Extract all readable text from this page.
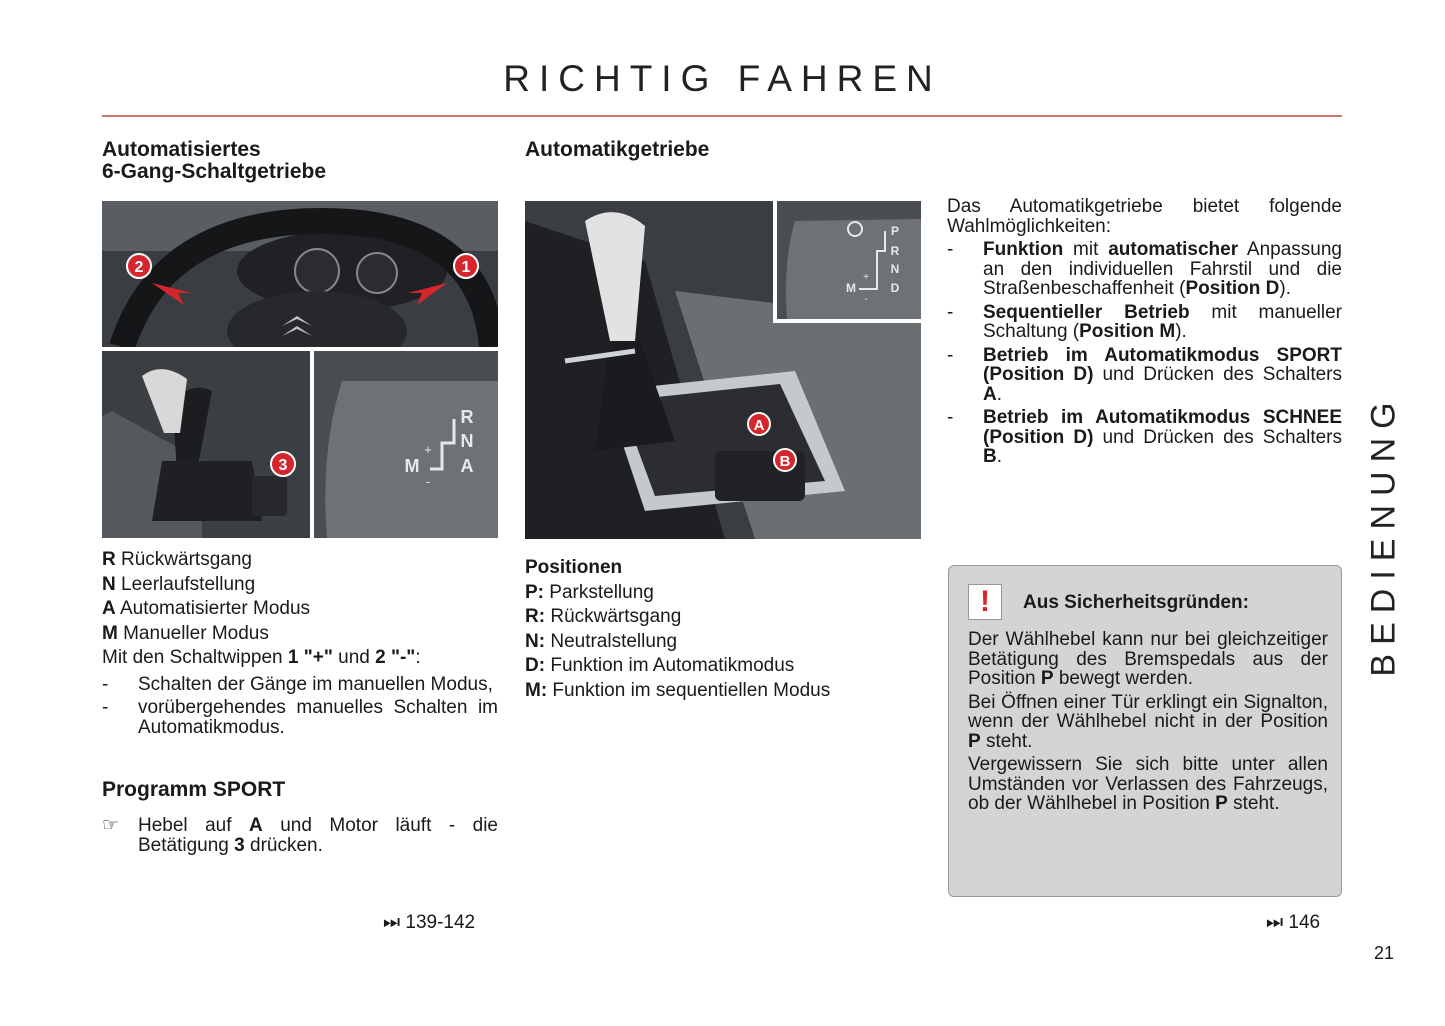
RICHTIG FAHREN
Automatisiertes
6-Gang-Schaltgetriebe
2	1
3
R
N
A
M
+
-
R Rückwärtsgang
N Leerlaufstellung
A Automatisierter Modus
M Manueller Modus
Mit den Schaltwippen 1 "+" und 2 "-":
- Schalten der Gänge im manuellen Modus,
- vorübergehendes manuelles Schalten im Automatikmodus.
Programm SPORT
☞ Hebel auf A und Motor läuft - die Betätigung 3 drücken.
⏭ 139-142
Automatikgetriebe
A
B
P
R
N
D
M
+
-
Positionen
P: Parkstellung
R: Rückwärtsgang
N: Neutralstellung
D: Funktion im Automatikmodus
M: Funktion im sequentiellen Modus
Das Automatikgetriebe bietet folgende Wahlmöglichkeiten:
- Funktion mit automatischer Anpassung an den individuellen Fahrstil und die Straßenbeschaffenheit (Position D).
- Sequentieller Betrieb mit manueller Schaltung (Position M).
- Betrieb im Automatikmodus SPORT (Position D) und Drücken des Schalters A.
- Betrieb im Automatikmodus SCHNEE (Position D) und Drücken des Schalters B.
!	Aus Sicherheitsgründen:

Der Wählhebel kann nur bei gleichzeitiger Betätigung des Bremspedals aus der Position P bewegt werden.

Bei Öffnen einer Tür erklingt ein Signalton, wenn der Wählhebel nicht in der Position P steht.

Vergewissern Sie sich bitte unter allen Umständen vor Verlassen des Fahrzeugs, ob der Wählhebel in Position P steht.

⏭ 146
BEDIENUNG
21
